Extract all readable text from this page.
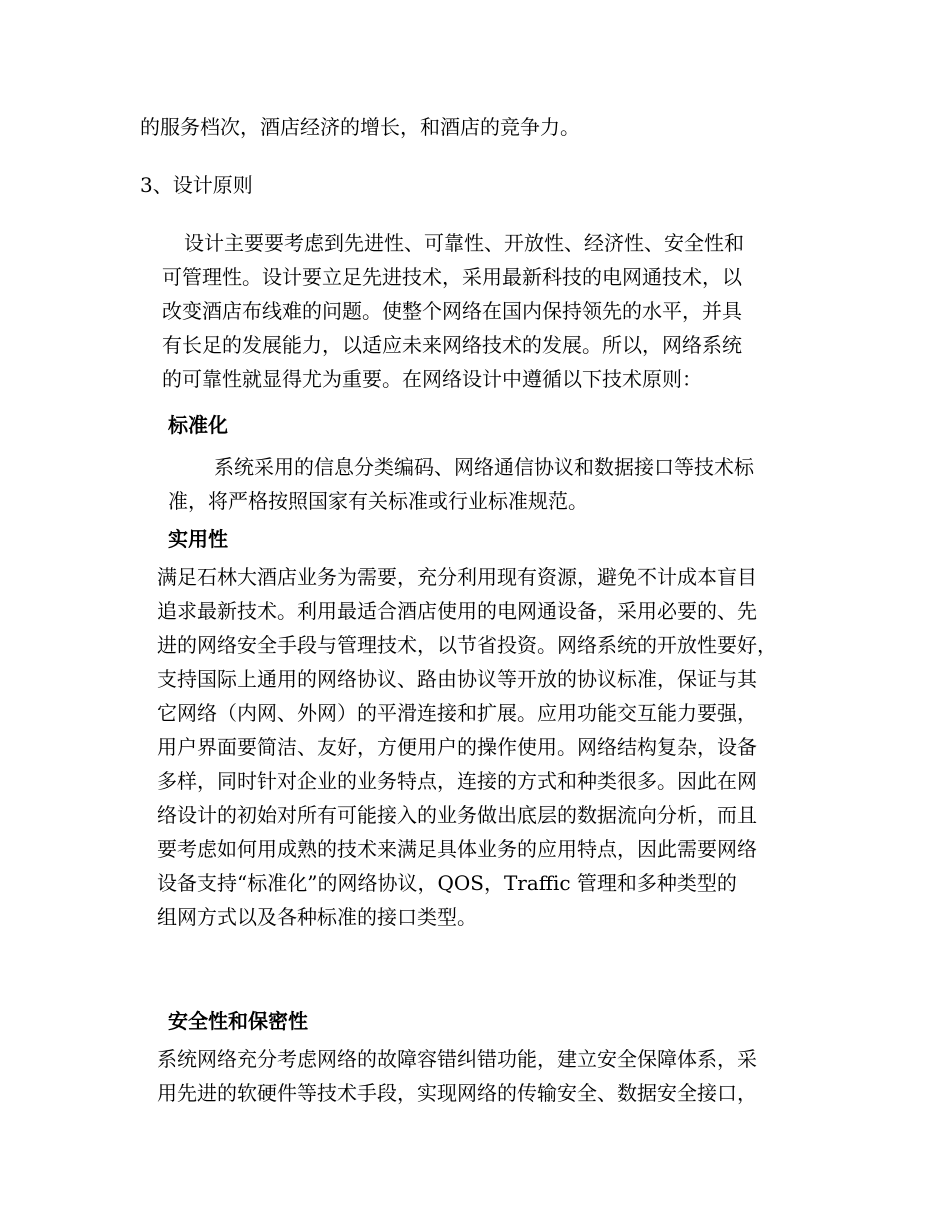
的服务档次，酒店经济的增长，和酒店的竞争力。

3、设计原则

设计主要要考虑到先进性、可靠性、开放性、经济性、安全性和

可管理性。设计要立足先进技术，采用最新科技的电网通技术，以

改变酒店布线难的问题。使整个网络在国内保持领先的水平，并具

有长足的发展能力，以适应未来网络技术的发展。所以，网络系统

的可靠性就显得尤为重要。在网络设计中遵循以下技术原则：

标准化

系统采用的信息分类编码、网络通信协议和数据接口等技术标

准，将严格按照国家有关标准或行业标准规范。

实用性

满足石林大酒店业务为需要，充分利用现有资源，避免不计成本盲目

追求最新技术。利用最适合酒店使用的电网通设备，采用必要的、先

进的网络安全手段与管理技术，以节省投资。网络系统的开放性要好，

支持国际上通用的网络协议、路由协议等开放的协议标准，保证与其

它网络（内网、外网）的平滑连接和扩展。应用功能交互能力要强，

用户界面要简洁、友好，方便用户的操作使用。网络结构复杂，设备

多样，同时针对企业的业务特点，连接的方式和种类很多。因此在网

络设计的初始对所有可能接入的业务做出底层的数据流向分析，而且

要考虑如何用成熟的技术来满足具体业务的应用特点，因此需要网络

设备支持“标准化”的网络协议，QOS，Traffic 管理和多种类型的

组网方式以及各种标准的接口类型。

安全性和保密性

系统网络充分考虑网络的故障容错纠错功能，建立安全保障体系，采

用先进的软硬件等技术手段，实现网络的传输安全、数据安全接口，
